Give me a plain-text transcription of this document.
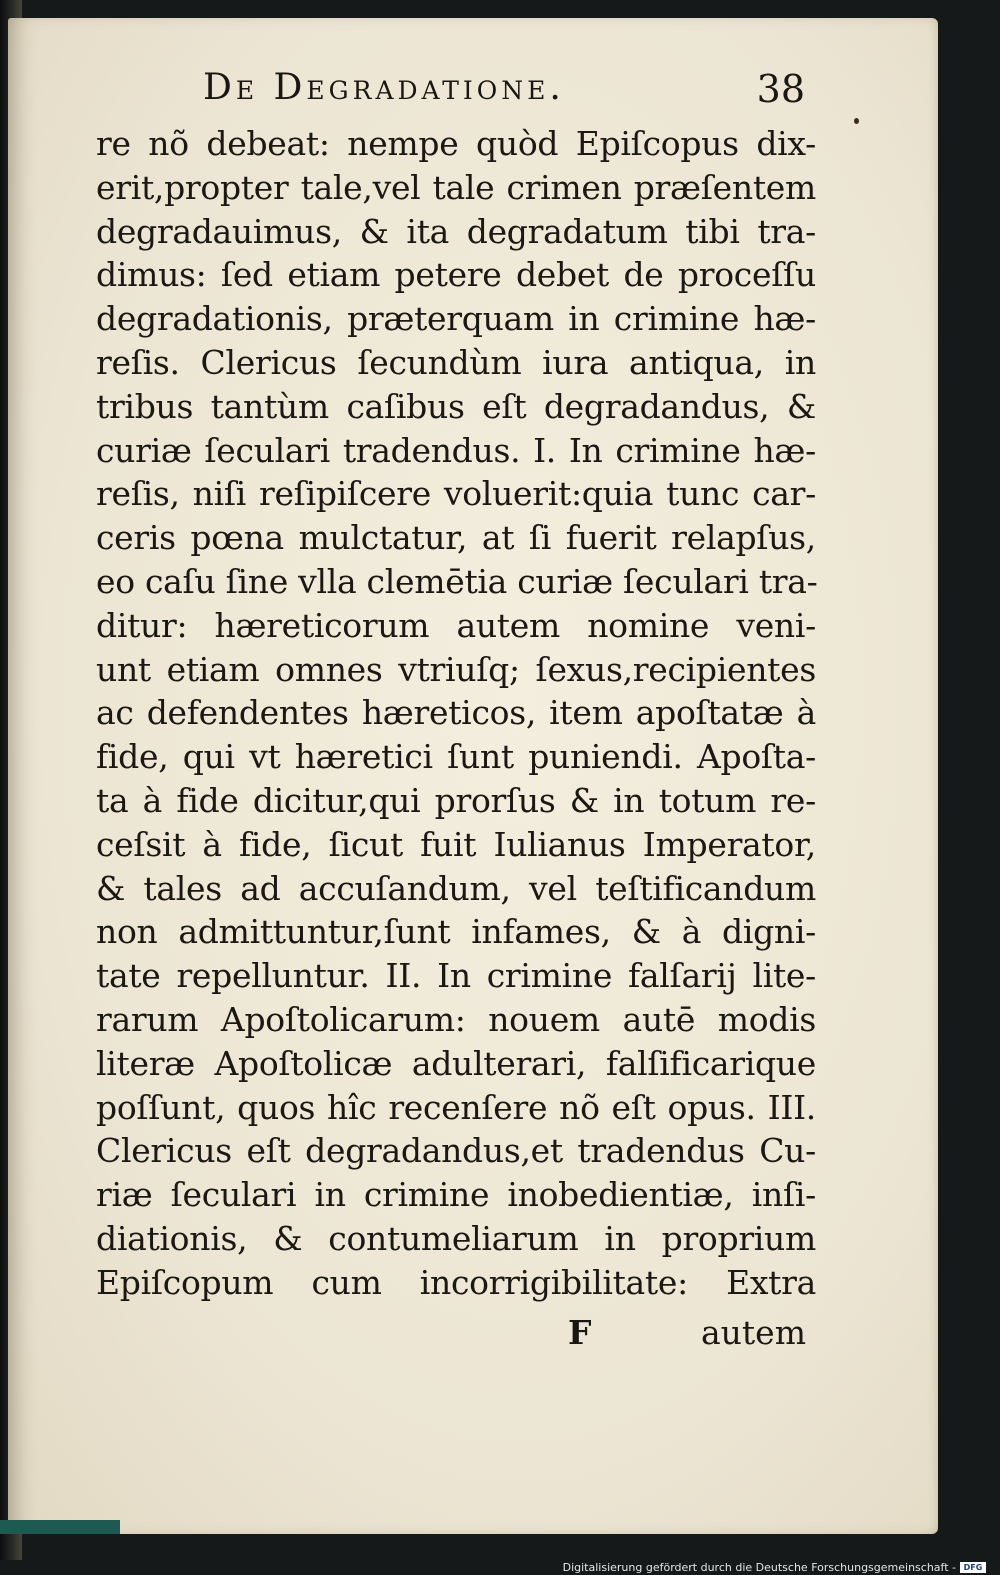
De Degradatione.	38
re nõ debeat: nempe quòd Epiſcopus dix-
erit,propter tale,vel tale crimen præſentem
degradauimus, & ita degradatum tibi tra-
dimus: ſed etiam petere debet de proceſſu
degradationis, præterquam in crimine hæ-
reſis. Clericus ſecundùm iura antiqua, in
tribus tantùm caſibus eſt degradandus, &
curiæ ſeculari tradendus. I. In crimine hæ-
reſis, niſi reſipiſcere voluerit:quia tunc car-
ceris pœna mulctatur, at ſi fuerit relapſus,
eo caſu ſine vlla clemētia curiæ ſeculari tra-
ditur: hæreticorum autem nomine veni-
unt etiam omnes vtriuſq; ſexus,recipientes
ac defendentes hæreticos, item apoſtatæ à
fide, qui vt hæretici ſunt puniendi. Apoſta-
ta à fide dicitur,qui prorſus & in totum re-
ceſsit à fide, ſicut fuit Iulianus Imperator,
& tales ad accuſandum, vel teſtificandum
non admittuntur,ſunt infames, & à digni-
tate repelluntur. II. In crimine falſarij lite-
rarum Apoſtolicarum: nouem autē modis
literæ Apoſtolicæ adulterari, falſificarique
poſſunt, quos hîc recenſere nõ eſt opus. III.
Clericus eſt degradandus,et tradendus Cu-
riæ ſeculari in crimine inobedientiæ, inſi-
diationis, & contumeliarum in proprium
Epiſcopum cum incorrigibilitate: Extra
F	autem
Digitalisierung gefördert durch die Deutsche Forschungsgemeinschaft - DFG
